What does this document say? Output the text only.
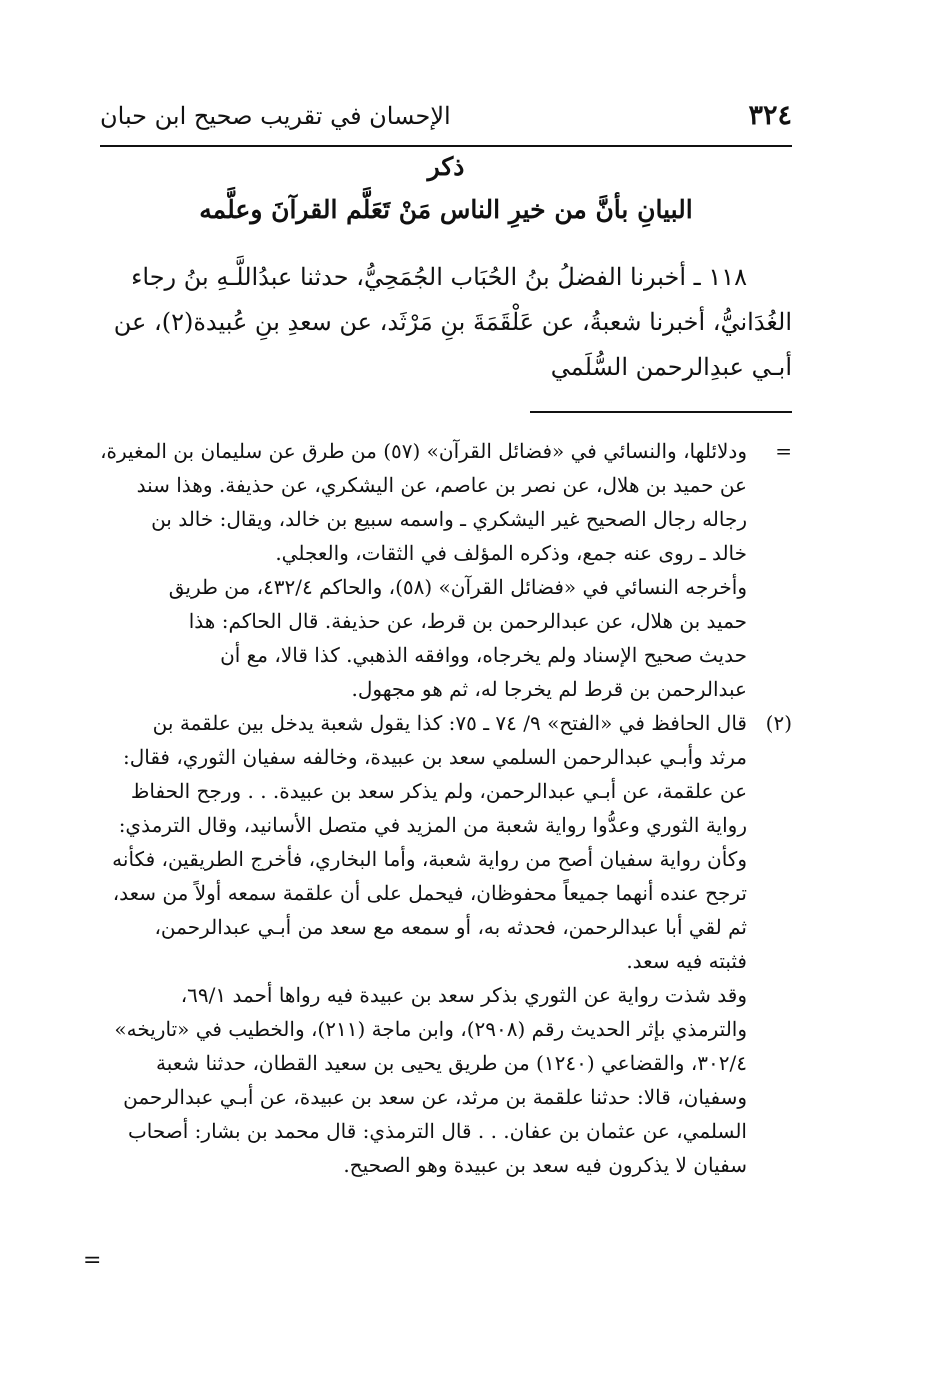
٣٢٤
الإحسان في تقريب صحيح ابن حبان
ذكر
البيانِ بأنَّ من خيرِ الناس مَنْ تَعَلَّم القرآنَ وعلَّمه
١١٨ ـ أخبرنا الفضلُ بنُ الحُبَاب الجُمَحِيُّ، حدثنا عبدُاللَّـهِ بنُ رجاء
الغُدَانيُّ، أخبرنا شعبةُ، عن عَلْقَمَةَ بنِ مَرْثَد، عن سعدِ بنِ عُبيدة(٢)، عن
أبـي عبدِالرحمن السُّلَمي
=
ودلائلها، والنسائي في «فضائل القرآن» (٥٧) من طرق عن سليمان بن المغيرة،
عن حميد بن هلال، عن نصر بن عاصم، عن اليشكري، عن حذيفة. وهذا سند
رجاله رجال الصحيح غير اليشكري ـ واسمه سبيع بن خالد، ويقال: خالد بن
خالد ـ روى عنه جمع، وذكره المؤلف في الثقات، والعجلي.
وأخرجه النسائي في «فضائل القرآن» (٥٨)، والحاكم ٤٣٢/٤، من طريق
حميد بن هلال، عن عبدالرحمن بن قرط، عن حذيفة. قال الحاكم: هذا
حديث صحيح الإسناد ولم يخرجاه، ووافقه الذهبي. كذا قالا، مع أن
عبدالرحمن بن قرط لم يخرجا له، ثم هو مجهول.
(٢)
قال الحافظ في «الفتح» ٩/ ٧٤ ـ ٧٥: كذا يقول شعبة يدخل بين علقمة بن
مرثد وأبـي عبدالرحمن السلمي سعد بن عبيدة، وخالفه سفيان الثوري، فقال:
عن علقمة، عن أبـي عبدالرحمن، ولم يذكر سعد بن عبيدة. . . ورجح الحفاظ
رواية الثوري وعدُّوا رواية شعبة من المزيد في متصل الأسانيد، وقال الترمذي:
وكأن رواية سفيان أصح من رواية شعبة، وأما البخاري، فأخرج الطريقين، فكأنه
ترجح عنده أنهما جميعاً محفوظان، فيحمل على أن علقمة سمعه أولاً من سعد،
ثم لقي أبا عبدالرحمن، فحدثه به، أو سمعه مع سعد من أبـي عبدالرحمن،
فثبته فيه سعد.
وقد شذت رواية عن الثوري بذكر سعد بن عبيدة فيه رواها أحمد ٦٩/١،
والترمذي بإثر الحديث رقم (٢٩٠٨)، وابن ماجة (٢١١)، والخطيب في «تاريخه»
٣٠٢/٤، والقضاعي (١٢٤٠) من طريق يحيى بن سعيد القطان، حدثنا شعبة
وسفيان، قالا: حدثنا علقمة بن مرثد، عن سعد بن عبيدة، عن أبـي عبدالرحمن
السلمي، عن عثمان بن عفان. . . قال الترمذي: قال محمد بن بشار: أصحاب
سفيان لا يذكرون فيه سعد بن عبيدة وهو الصحيح.
=
